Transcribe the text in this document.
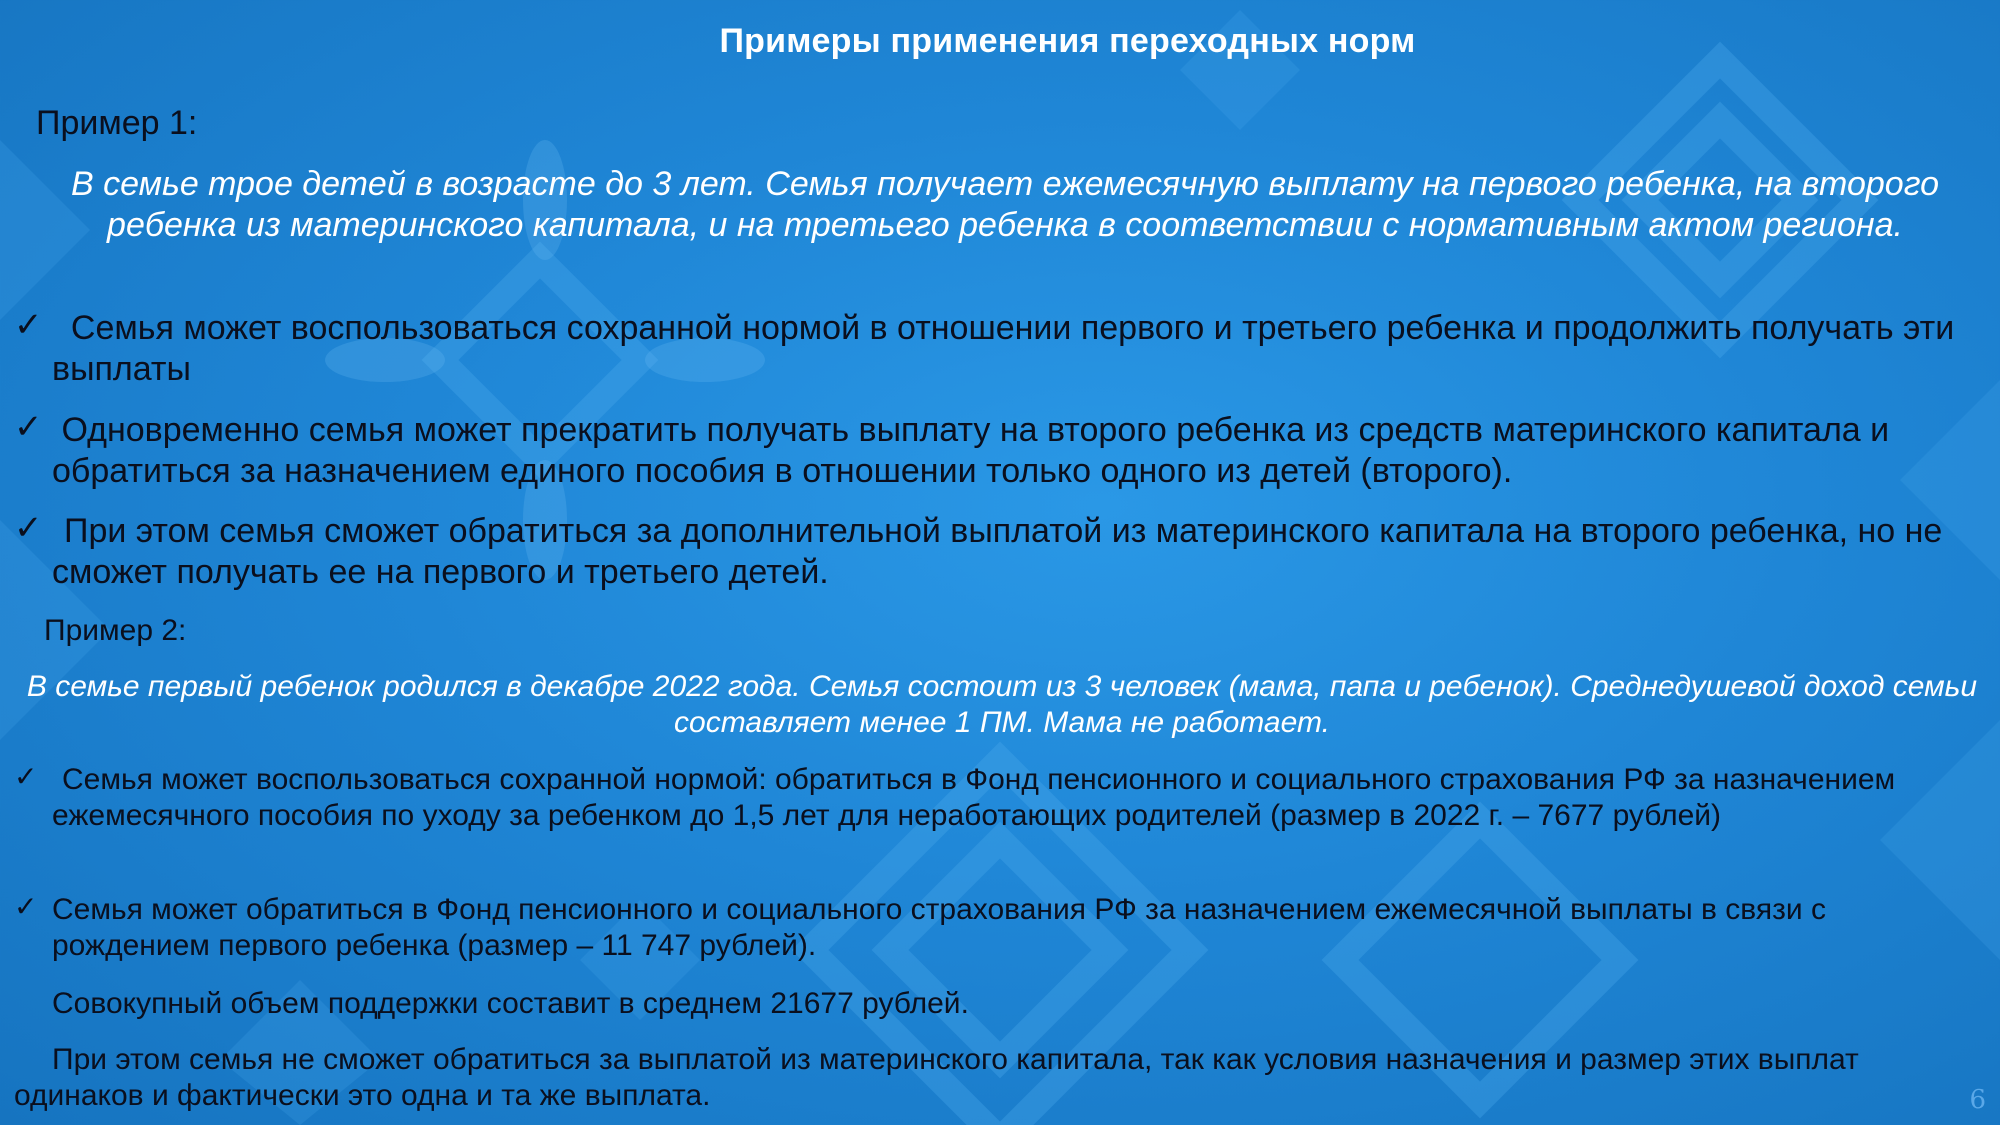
Примеры применения переходных норм
Пример 1:
В семье трое детей в возрасте до 3 лет. Семья получает ежемесячную выплату на первого ребенка, на второго ребенка из материнского капитала, и на третьего ребенка в соответствии с нормативным актом региона.
✓ Семья может воспользоваться сохранной нормой в отношении первого и третьего ребенка и продолжить получать эти выплаты
✓ Одновременно семья может прекратить получать выплату на второго ребенка из средств материнского капитала и обратиться за назначением единого пособия в отношении только одного из детей (второго).
✓ При этом семья сможет обратиться за дополнительной выплатой из материнского капитала на второго ребенка, но не сможет получать ее на первого и третьего детей.
Пример 2:
В семье первый ребенок родился в декабре 2022 года. Семья состоит из 3 человек (мама, папа и ребенок). Среднедушевой доход семьи составляет менее 1 ПМ. Мама не работает.
✓ Семья может воспользоваться сохранной нормой: обратиться в Фонд пенсионного и социального страхования РФ за назначением ежемесячного пособия по уходу за ребенком до 1,5 лет для неработающих родителей (размер в 2022 г. – 7677 рублей)
✓ Семья может обратиться в Фонд пенсионного и социального страхования РФ за назначением ежемесячной выплаты в связи с рождением первого ребенка (размер – 11 747 рублей).
Совокупный объем поддержки составит в среднем 21677 рублей.
При этом семья не сможет обратиться за выплатой из материнского капитала, так как условия назначения и размер этих выплат одинаков и фактически это одна и та же выплата.	6
